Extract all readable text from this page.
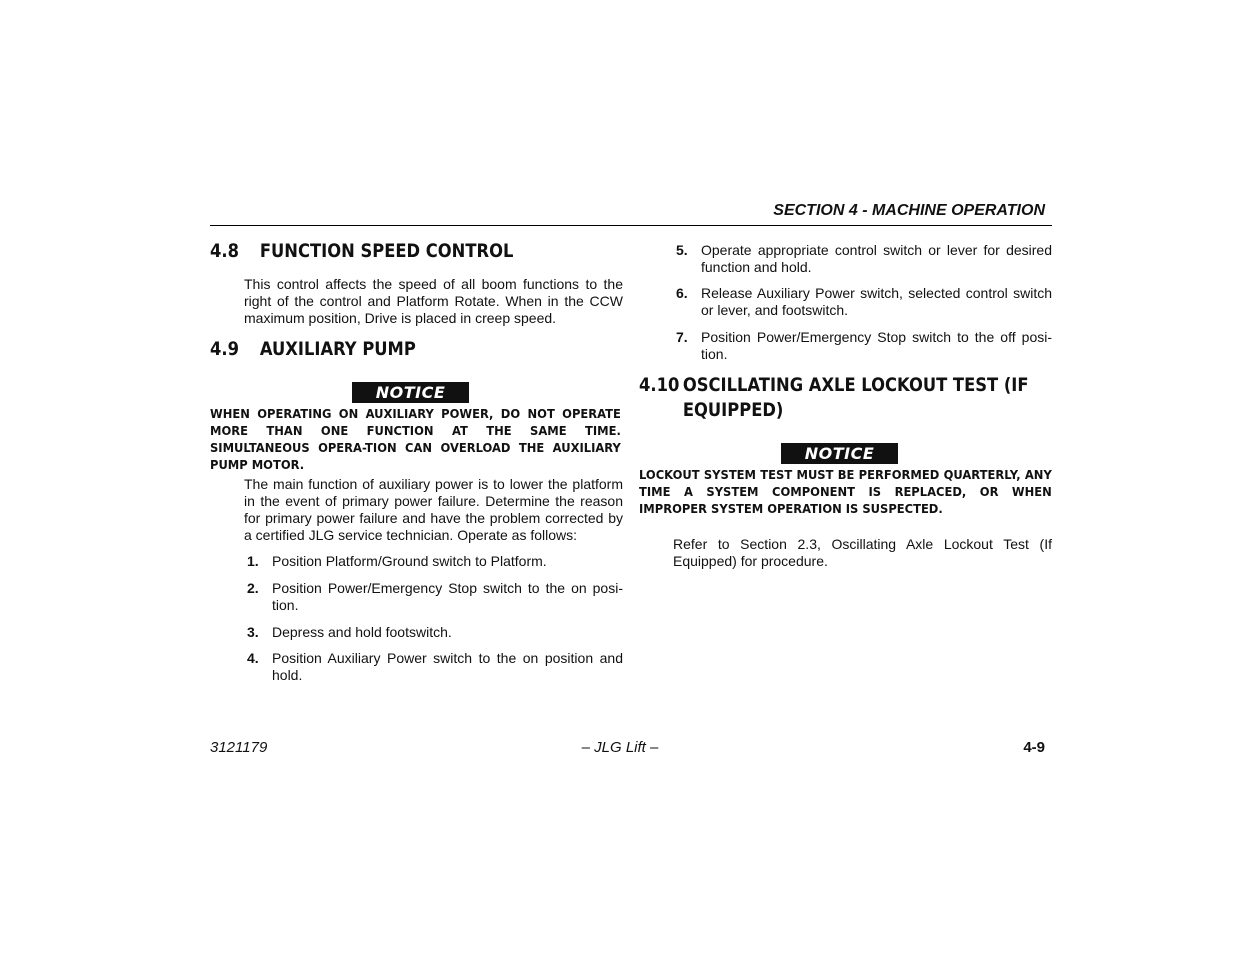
SECTION 4 - MACHINE OPERATION
4.8 FUNCTION SPEED CONTROL
This control affects the speed of all boom functions to the right of the control and Platform Rotate. When in the CCW maximum position, Drive is placed in creep speed.
4.9 AUXILIARY PUMP
NOTICE
WHEN OPERATING ON AUXILIARY POWER, DO NOT OPERATE MORE THAN ONE FUNCTION AT THE SAME TIME. SIMULTANEOUS OPERA-TION CAN OVERLOAD THE AUXILIARY PUMP MOTOR.
The main function of auxiliary power is to lower the platform in the event of primary power failure. Determine the reason for primary power failure and have the problem corrected by a certified JLG service technician. Operate as follows:
1. Position Platform/Ground switch to Platform.
2. Position Power/Emergency Stop switch to the on posi-tion.
3. Depress and hold footswitch.
4. Position Auxiliary Power switch to the on position and hold.
5. Operate appropriate control switch or lever for desired function and hold.
6. Release Auxiliary Power switch, selected control switch or lever, and footswitch.
7. Position Power/Emergency Stop switch to the off posi-tion.
4.10 OSCILLATING AXLE LOCKOUT TEST (IF
EQUIPPED)
NOTICE
LOCKOUT SYSTEM TEST MUST BE PERFORMED QUARTERLY, ANY TIME A SYSTEM COMPONENT IS REPLACED, OR WHEN IMPROPER SYSTEM OPERATION IS SUSPECTED.
Refer to Section 2.3, Oscillating Axle Lockout Test (If Equipped) for procedure.
3121179	– JLG Lift –	4-9
